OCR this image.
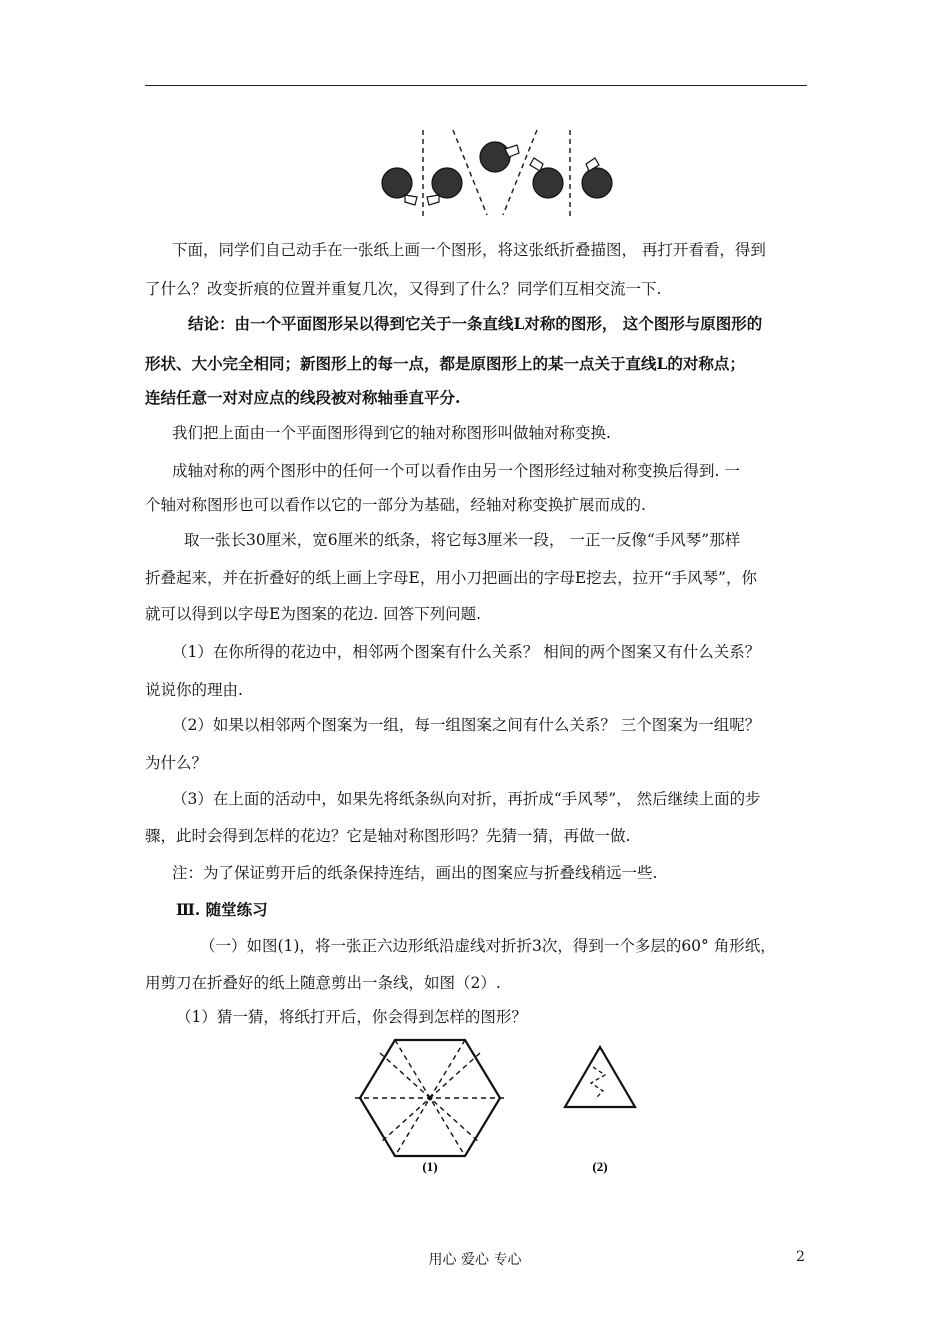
下面，同学们自己动手在一张纸上画一个图形，将这张纸折叠描图， 再打开看看，得到
了什么？改变折痕的位置并重复几次，又得到了什么？同学们互相交流一下.
结论：由一个平面图形呆以得到它关于一条直线L对称的图形， 这个图形与原图形的
形状、大小完全相同；新图形上的每一点，都是原图形上的某一点关于直线L的对称点；
连结任意一对对应点的线段被对称轴垂直平分.
我们把上面由一个平面图形得到它的轴对称图形叫做轴对称变换.
成轴对称的两个图形中的任何一个可以看作由另一个图形经过轴对称变换后得到. 一
个轴对称图形也可以看作以它的一部分为基础，经轴对称变换扩展而成的.
取一张长30厘米，宽6厘米的纸条，将它每3厘米一段， 一正一反像“手风琴”那样
折叠起来，并在折叠好的纸上画上字母E，用小刀把画出的字母E挖去，拉开“手风琴”，你
就可以得到以字母E为图案的花边. 回答下列问题.
（1）在你所得的花边中，相邻两个图案有什么关系？ 相间的两个图案又有什么关系？
说说你的理由.
（2）如果以相邻两个图案为一组，每一组图案之间有什么关系？ 三个图案为一组呢？
为什么？
（3）在上面的活动中，如果先将纸条纵向对折，再折成“手风琴”， 然后继续上面的步
骤，此时会得到怎样的花边？它是轴对称图形吗？先猜一猜，再做一做.
注：为了保证剪开后的纸条保持连结，画出的图案应与折叠线稍远一些.
Ⅲ. 随堂练习
（一）如图(1)，将一张正六边形纸沿虚线对折折3次，得到一个多层的60° 角形纸，
用剪刀在折叠好的纸上随意剪出一条线，如图（2）.
（1）猜一猜，将纸打开后，你会得到怎样的图形？
(1)	(2)
用心 爱心 专心	2
